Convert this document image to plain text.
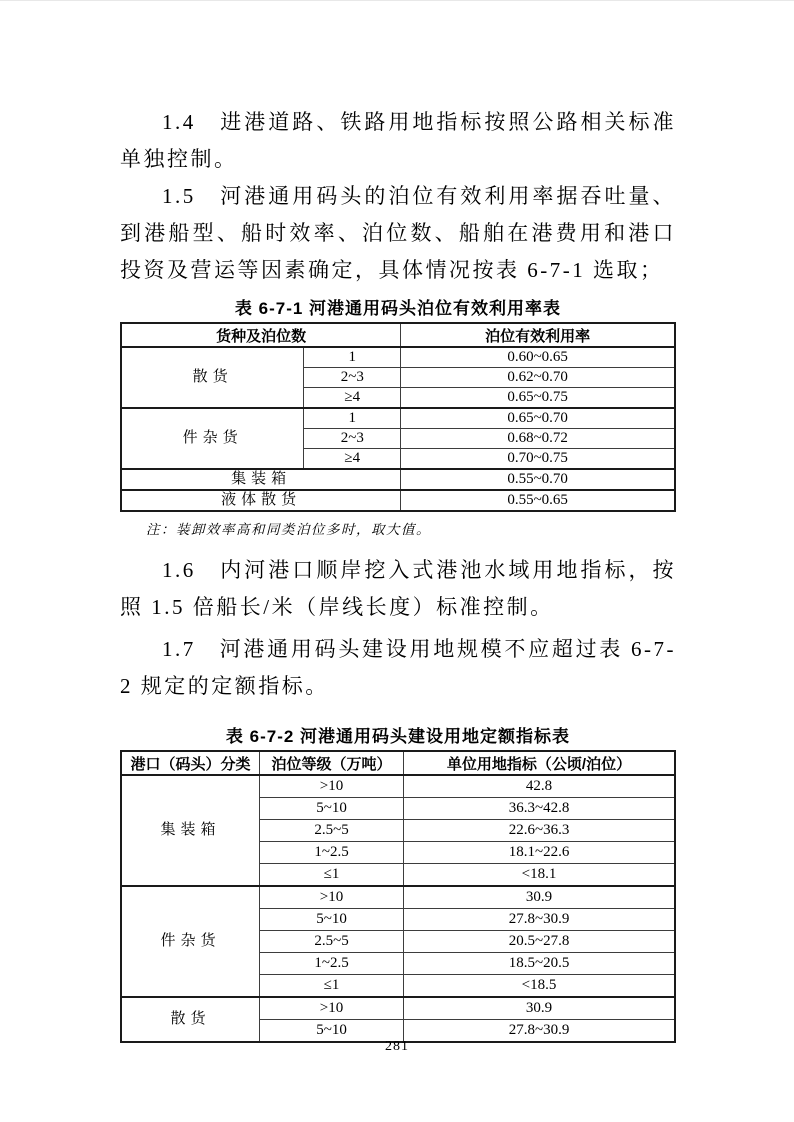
1.4　进港道路、铁路用地指标按照公路相关标准单独控制。

1.5　河港通用码头的泊位有效利用率据吞吐量、到港船型、船时效率、泊位数、船舶在港费用和港口投资及营运等因素确定，具体情况按表 6-7-1 选取；

表 6-7-1 河港通用码头泊位有效利用率表
货种及泊位数		泊位有效利用率
散货	1	0.60~0.65
	2~3	0.62~0.70
	≥4	0.65~0.75
件杂货	1	0.65~0.70
	2~3	0.68~0.72
	≥4	0.70~0.75
集装箱		0.55~0.70
液体散货		0.55~0.65
注：装卸效率高和同类泊位多时，取大值。

1.6　内河港口顺岸挖入式港池水域用地指标，按照 1.5 倍船长/米（岸线长度）标准控制。

1.7　河港通用码头建设用地规模不应超过表 6-7-2 规定的定额指标。

表 6-7-2 河港通用码头建设用地定额指标表
港口（码头）分类	泊位等级（万吨）	单位用地指标（公顷/泊位）
集装箱	>10	42.8
	5~10	36.3~42.8
	2.5~5	22.6~36.3
	1~2.5	18.1~22.6
	≤1	<18.1
件杂货	>10	30.9
	5~10	27.8~30.9
	2.5~5	20.5~27.8
	1~2.5	18.5~20.5
	≤1	<18.5
散货	>10	30.9
	5~10	27.8~30.9
281
